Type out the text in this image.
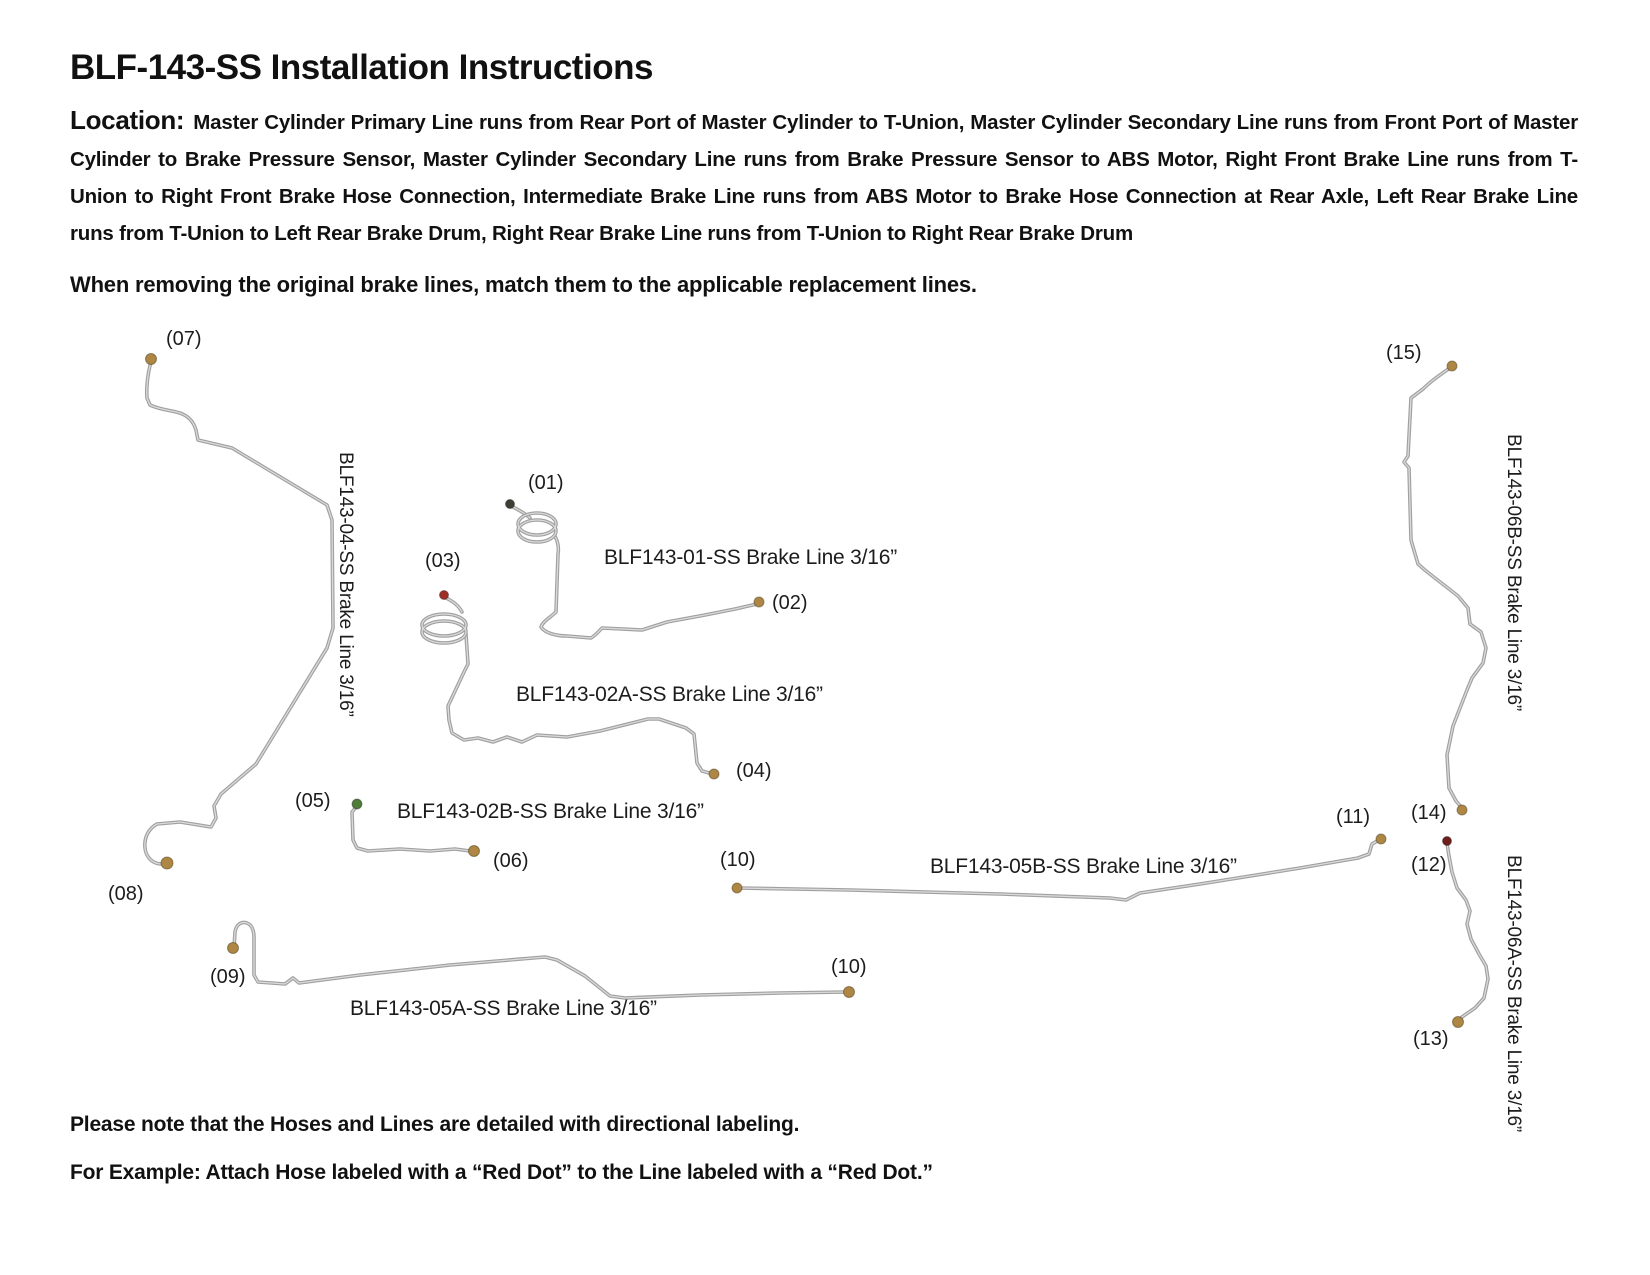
BLF-143-SS Installation Instructions

Location: Master Cylinder Primary Line runs from Rear Port of Master Cylinder to T-Union, Master Cylinder Secondary Line runs from Front Port of Master Cylinder to Brake Pressure Sensor, Master Cylinder Secondary Line runs from Brake Pressure Sensor to ABS Motor, Right Front Brake Line runs from T-Union to Right Front Brake Hose Connection, Intermediate Brake Line runs from ABS Motor to Brake Hose Connection at Rear Axle, Left Rear Brake Line runs from T-Union to Left Rear Brake Drum, Right Rear Brake Line runs from T-Union to Right Rear Brake Drum

When removing the original brake lines, match them to the applicable replacement lines.

(07)
(15)
(01)
(03)
(02)
(04)
(05)
(06)
(08)
(09)
(10)
(10)
(11) (14)
(12)
(13)
BLF143-01-SS Brake Line 3/16”
BLF143-02A-SS Brake Line 3/16”
BLF143-02B-SS Brake Line 3/16”
BLF143-05B-SS Brake Line 3/16”
BLF143-05A-SS Brake Line 3/16”
BLF143-04-SS Brake Line 3/16”	BLF143-06B-SS Brake Line 3/16”
BLF143-06A-SS Brake Line 3/16”

Please note that the Hoses and Lines are detailed with directional labeling.

For Example: Attach Hose labeled with a “Red Dot” to the Line labeled with a “Red Dot.”
